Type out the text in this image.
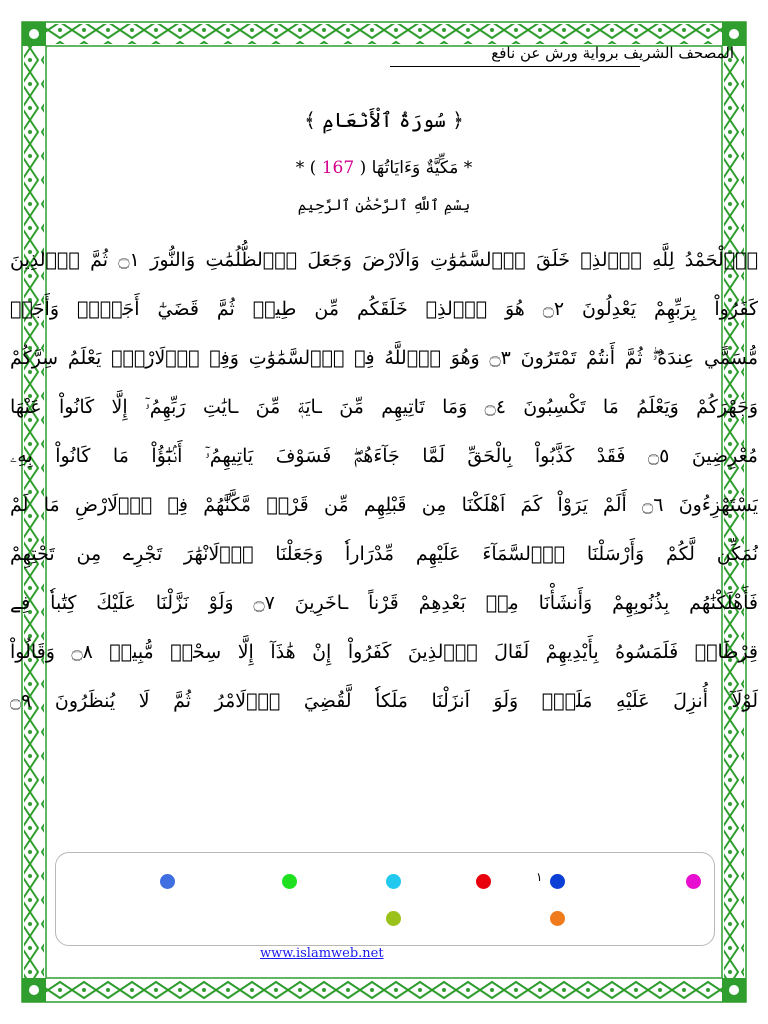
المصحف الشريف برواية ورش عن نافع
﴿ سُورَةُ ٱلْأَنْعَامِ ﴾
* مَكِّيَّةٌ وَءَايَاتُهَا ( 167 ) *
بِسْمِ ٱللَّهِ ٱلرَّحْمَٰنِ ٱلرَّحِيمِ
اَ۬لْحَمْدُ لِلَّهِ اِ۬لذِے خَلَقَ اَ۬لسَّمَٰوَٰتِ وَالَارْضَ وَجَعَلَ اَ۬لظُّلُمَٰتِ وَالنُّورَ ۝١ ثُمَّ اَ۬لذِينَ
كَفَرُواْ بِرَبِّهِمْ يَعْدِلُونَ ۝٢ هُوَ اَ۬لذِے خَلَقَكُم مِّن طِينٖ ثُمَّ قَضَيٰٓ أَجَلاٗۖ وَأَجَلٞ
مُّسَمًّي عِندَهُۥۖ ثُمَّ أَنتُمْ تَمْتَرُونَ ۝٣ وَهُوَ اَ۬للَّهُ فِے اِ۬لسَّمَٰوَٰتِ وَفِے اِ۬لَارْضِۖ يَعْلَمُ سِرَّكُمْ
وَجَهْرَكُمْ وَيَعْلَمُ مَا تَكْسِبُونَ ۝٤ وَمَا تَاتِيهِم مِّنَ ـايَةٖ مِّنَ ـايَٰتِ رَبِّهِمُۥٓ إِلَّا كَانُواْ عَنْهَا
مُعْرِضِينَ ۝٥ فَقَدْ كَذَّبُواْ بِالْحَقِّ لَمَّا جَآءَهُمْۖ فَسَوْفَ يَاتِيهِمُۥٓ أَنۢبَٰٓؤُاْ مَا كَانُواْ بِهِۦ
يَسْتَهْزِءُونَ ۝٦ أَلَمْ يَرَوْاْ كَمَ اَهْلَكْنَا مِن قَبْلِهِم مِّن قَرْنٖ مَّكَّنَّٰهُمْ فِے اِ۬لَارْضِ مَا لَمْ
نُمَكِّن لَّكُمْ وَأَرْسَلْنَا اَ۬لسَّمَآءَ عَلَيْهِم مِّدْرَاراٗ وَجَعَلْنَا اَ۬لَانْهَٰرَ تَجْرِے مِن تَحْتِهِمْ
فَأَهْلَكْنَٰهُم بِذُنُوبِهِمْ وَأَنشَأْنَا مِنۢ بَعْدِهِمْ قَرْناً ـاخَرِينَ ۝٧ وَلَوْ نَزَّلْنَا عَلَيْكَ كِتَٰباٗ فِے
قِرْطَاسٖ فَلَمَسُوهُ بِأَيْدِيهِمْ لَقَالَ اَ۬لذِينَ كَفَرُواْ إِنْ هَٰذَآ إِلَّا سِحْرٞ مُّبِينٞ ۝٨ وَقَالُواْ
لَوْلَآ أُنزِلَ عَلَيْهِ مَلَكٞۖ وَلَوَ اَنزَلْنَا مَلَكاٗ لَّقُضِيَ اَ۬لَامْرُ ثُمَّ لَا يُنظَرُونَ ۝٩
١
www.islamweb.net
